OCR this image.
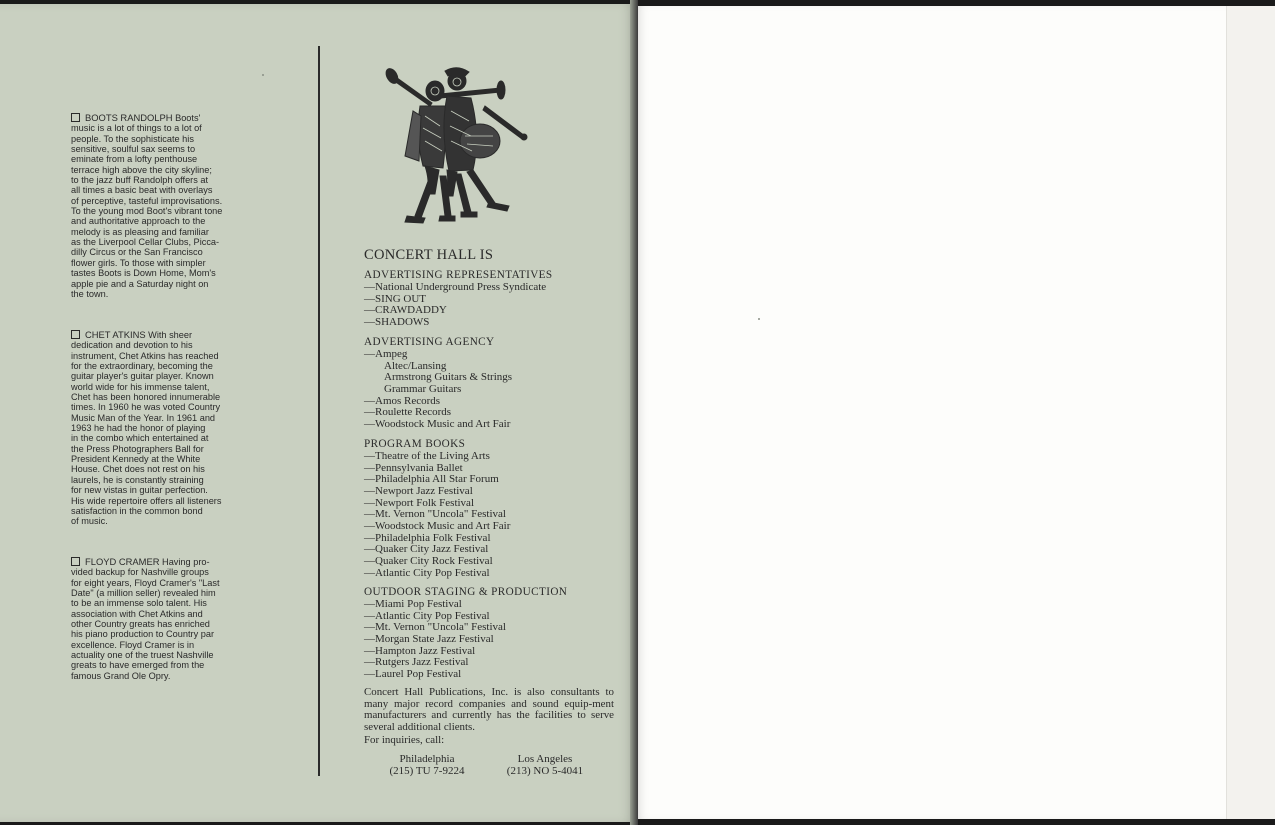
BOOTS RANDOLPH Boots'
music is a lot of things to a lot of
people. To the sophisticate his
sensitive, soulful sax seems to
eminate from a lofty penthouse
terrace high above the city skyline;
to the jazz buff Randolph offers at
all times a basic beat with overlays
of perceptive, tasteful improvisations.
To the young mod Boot's vibrant tone
and authoritative approach to the
melody is as pleasing and familiar
as the Liverpool Cellar Clubs, Picca-
dilly Circus or the San Francisco
flower girls. To those with simpler
tastes Boots is Down Home, Mom's
apple pie and a Saturday night on
the town.
CHET ATKINS With sheer
dedication and devotion to his
instrument, Chet Atkins has reached
for the extraordinary, becoming the
guitar player's guitar player. Known
world wide for his immense talent,
Chet has been honored innumerable
times. In 1960 he was voted Country
Music Man of the Year. In 1961 and
1963 he had the honor of playing
in the combo which entertained at
the Press Photographers Ball for
President Kennedy at the White
House. Chet does not rest on his
laurels, he is constantly straining
for new vistas in guitar perfection.
His wide repertoire offers all listeners
satisfaction in the common bond
of music.
FLOYD CRAMER Having pro-
vided backup for Nashville groups
for eight years, Floyd Cramer's "Last
Date" (a million seller) revealed him
to be an immense solo talent. His
association with Chet Atkins and
other Country greats has enriched
his piano production to Country par
excellence. Floyd Cramer is in
actuality one of the truest Nashville
greats to have emerged from the
famous Grand Ole Opry.
CONCERT HALL IS

ADVERTISING REPRESENTATIVES

—National Underground Press Syndicate

—SING OUT

—CRAWDADDY

—SHADOWS

ADVERTISING AGENCY

—Ampeg

Altec/Lansing

Armstrong Guitars & Strings

Grammar Guitars

—Amos Records

—Roulette Records

—Woodstock Music and Art Fair

PROGRAM BOOKS

—Theatre of the Living Arts

—Pennsylvania Ballet

—Philadelphia All Star Forum

—Newport Jazz Festival

—Newport Folk Festival

—Mt. Vernon "Uncola" Festival

—Woodstock Music and Art Fair

—Philadelphia Folk Festival

—Quaker City Jazz Festival

—Quaker City Rock Festival

—Atlantic City Pop Festival

OUTDOOR STAGING & PRODUCTION

—Miami Pop Festival

—Atlantic City Pop Festival

—Mt. Vernon "Uncola" Festival

—Morgan State Jazz Festival

—Hampton Jazz Festival

—Rutgers Jazz Festival

—Laurel Pop Festival

Concert Hall Publications, Inc. is also consultants to many major record companies and sound equip-ment manufacturers and currently has the facilities to serve several additional clients.
For inquiries, call:
Philadelphia
(215) TU 7-9224
Los Angeles
(213) NO 5-4041
